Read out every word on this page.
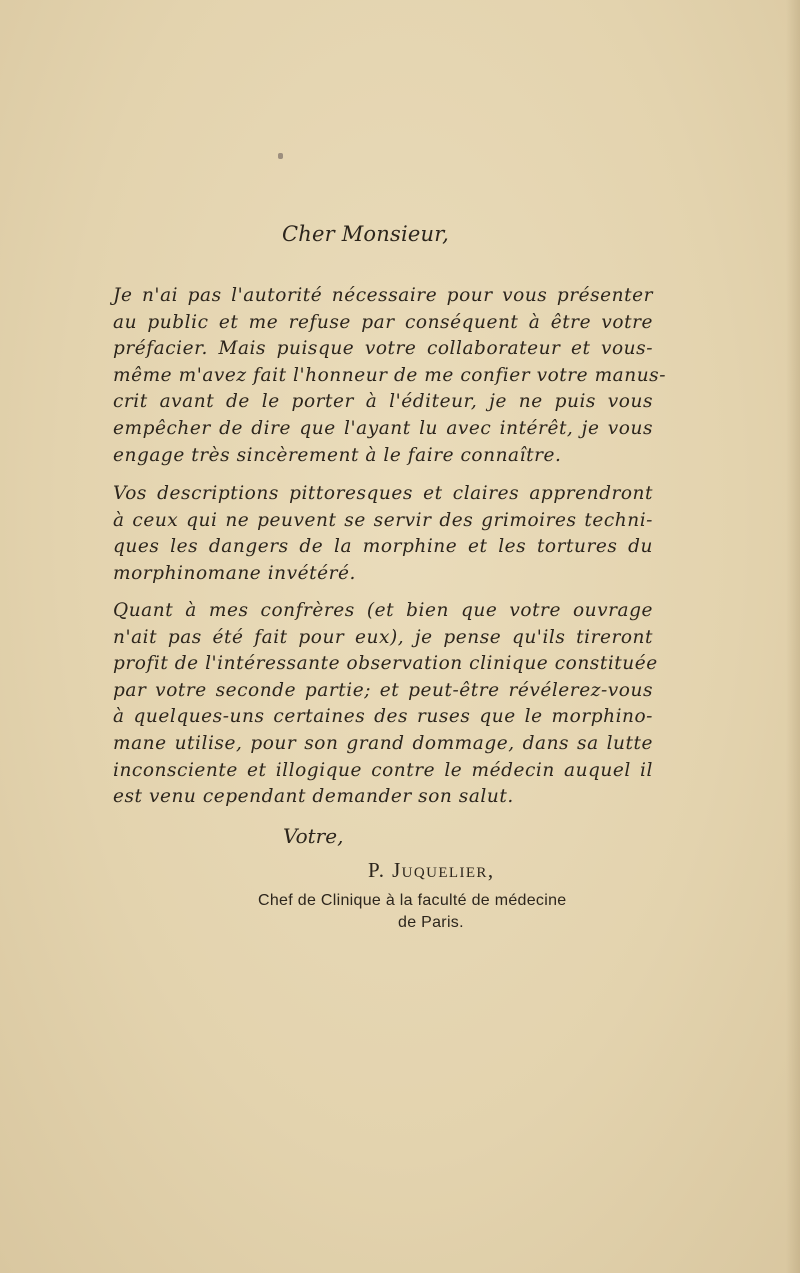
Cher Monsieur,
Je n'ai pas l'autorité nécessaire pour vous présenter
au public et me refuse par conséquent à être votre
préfacier. Mais puisque votre collaborateur et vous-
même m'avez fait l'honneur de me confier votre manus-
crit avant de le porter à l'éditeur, je ne puis vous
empêcher de dire que l'ayant lu avec intérêt, je vous
engage très sincèrement à le faire connaître.
Vos descriptions pittoresques et claires apprendront
à ceux qui ne peuvent se servir des grimoires techni-
ques les dangers de la morphine et les tortures du
morphinomane invétéré.
Quant à mes confrères (et bien que votre ouvrage
n'ait pas été fait pour eux), je pense qu'ils tireront
profit de l'intéressante observation clinique constituée
par votre seconde partie; et peut-être révélerez-vous
à quelques-uns certaines des ruses que le morphino-
mane utilise, pour son grand dommage, dans sa lutte
inconsciente et illogique contre le médecin auquel il
est venu cependant demander son salut.
Votre,
P. Juquelier,
Chef de Clinique à la faculté de médecine
de Paris.
